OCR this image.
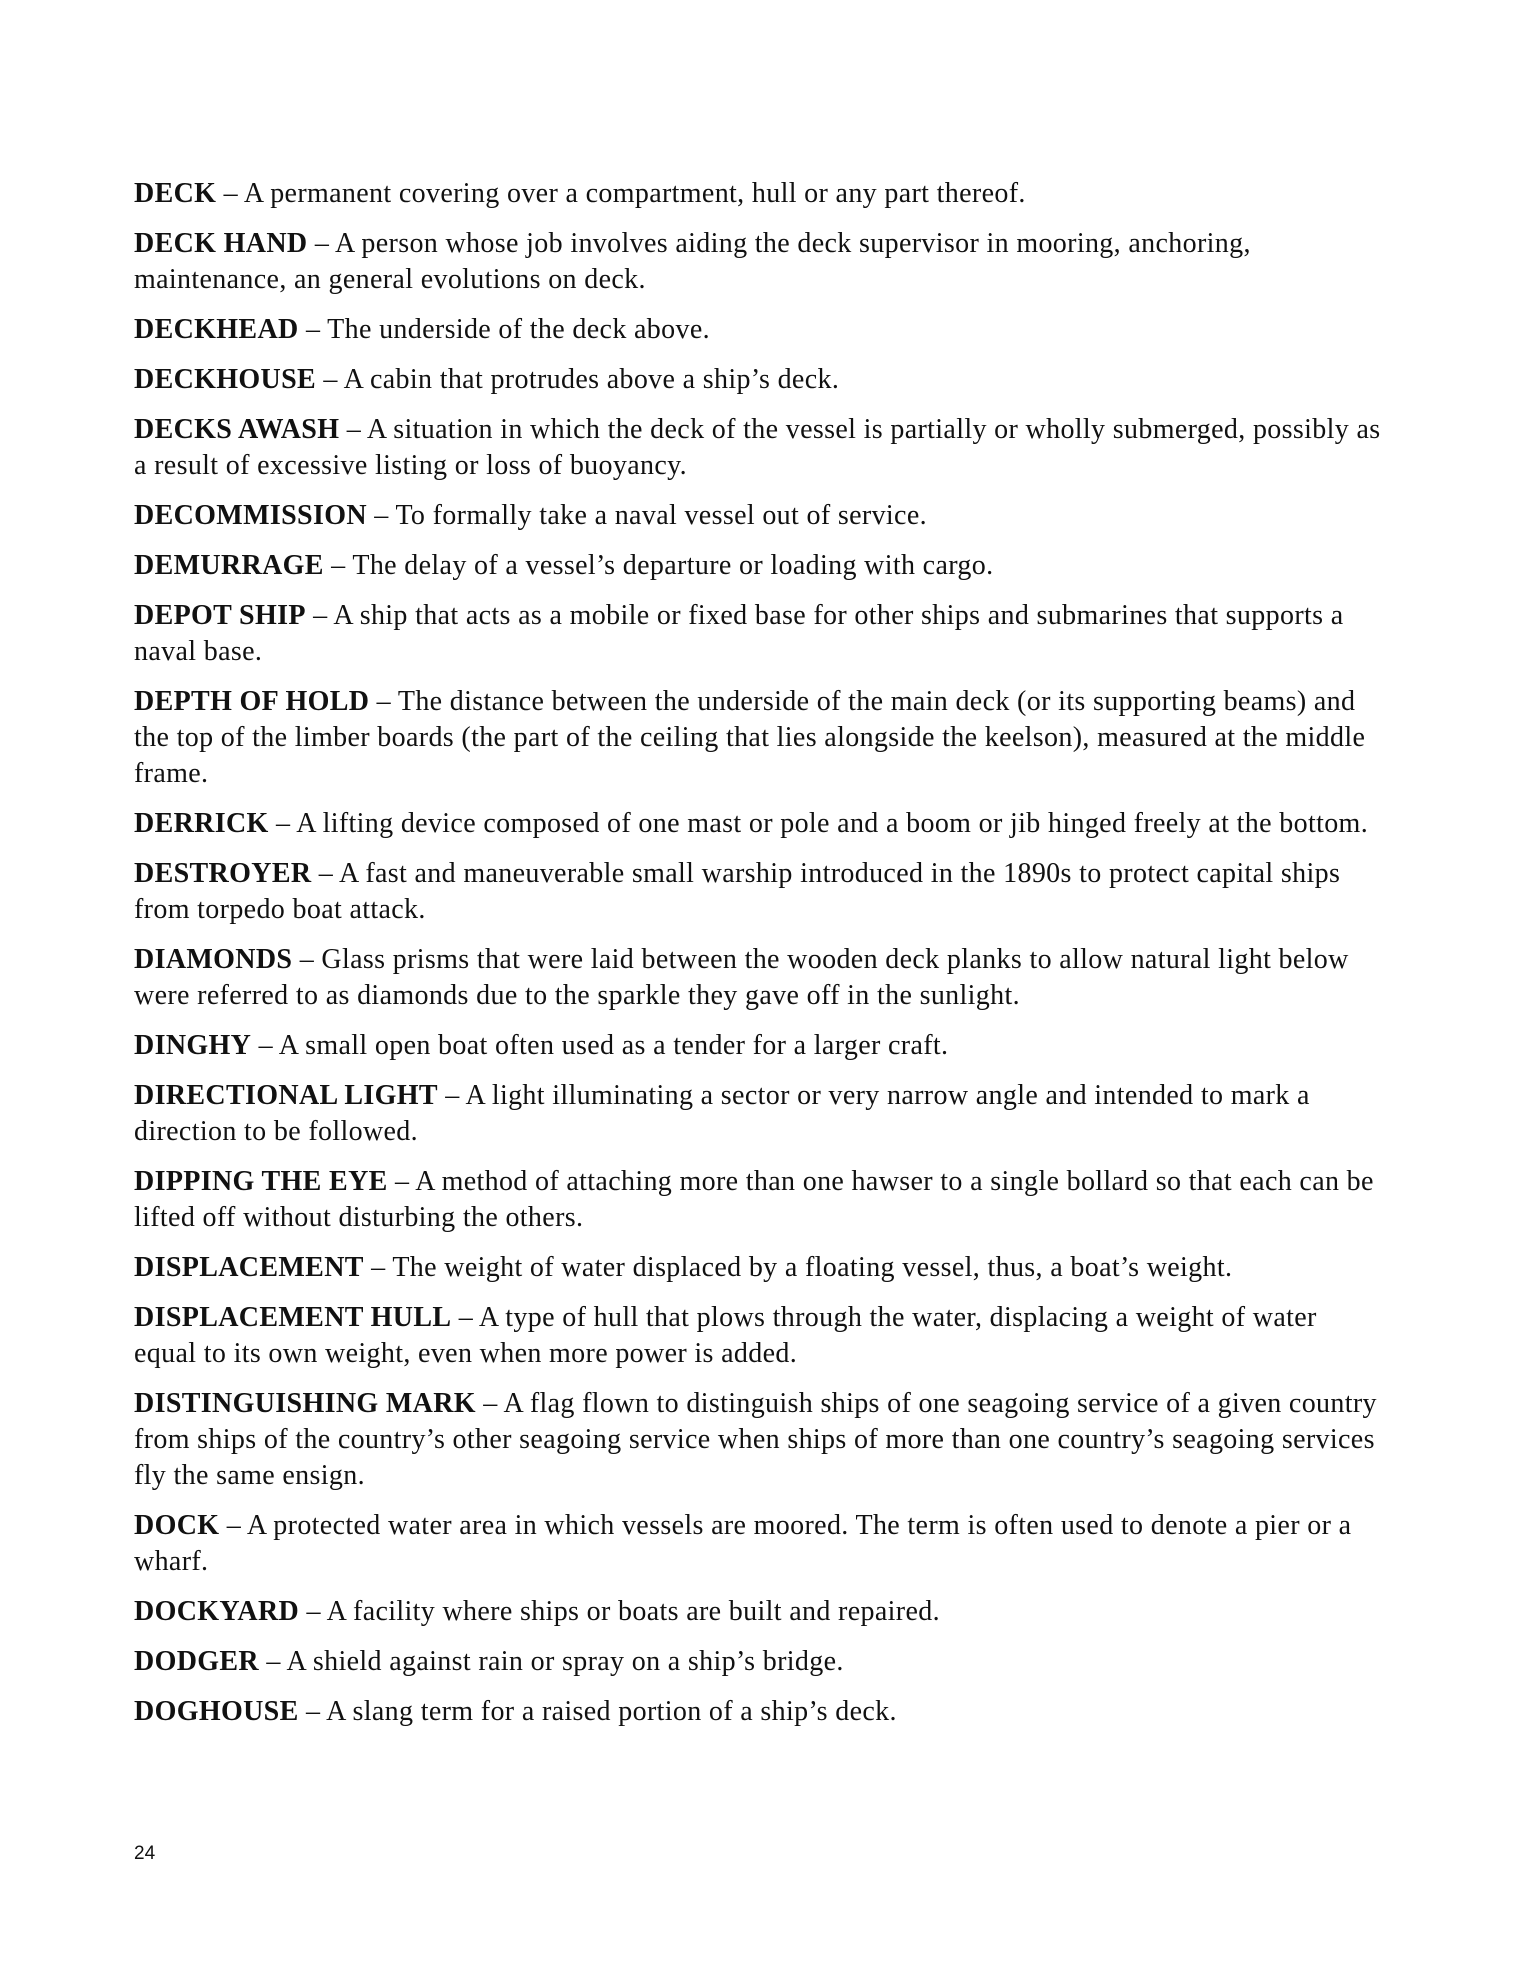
DECK – A permanent covering over a compartment, hull or any part thereof.

DECK HAND – A person whose job involves aiding the deck supervisor in mooring, anchoring, maintenance, an general evolutions on deck.

DECKHEAD – The underside of the deck above.

DECKHOUSE – A cabin that protrudes above a ship’s deck.

DECKS AWASH – A situation in which the deck of the vessel is partially or wholly submerged, possibly as a result of excessive listing or loss of buoyancy.

DECOMMISSION – To formally take a naval vessel out of service.

DEMURRAGE – The delay of a vessel’s departure or loading with cargo.

DEPOT SHIP – A ship that acts as a mobile or fixed base for other ships and submarines that supports a naval base.

DEPTH OF HOLD – The distance between the underside of the main deck (or its supporting beams) and the top of the limber boards (the part of the ceiling that lies alongside the keelson), measured at the middle frame.

DERRICK – A lifting device composed of one mast or pole and a boom or jib hinged freely at the bottom.

DESTROYER – A fast and maneuverable small warship introduced in the 1890s to protect capital ships from torpedo boat attack.

DIAMONDS – Glass prisms that were laid between the wooden deck planks to allow natural light below were referred to as diamonds due to the sparkle they gave off in the sunlight.

DINGHY – A small open boat often used as a tender for a larger craft.

DIRECTIONAL LIGHT – A light illuminating a sector or very narrow angle and intended to mark a direction to be followed.

DIPPING THE EYE – A method of attaching more than one hawser to a single bollard so that each can be lifted off without disturbing the others.

DISPLACEMENT – The weight of water displaced by a floating vessel, thus, a boat’s weight.

DISPLACEMENT HULL – A type of hull that plows through the water, displacing a weight of water equal to its own weight, even when more power is added.

DISTINGUISHING MARK – A flag flown to distinguish ships of one seagoing service of a given country from ships of the country’s other seagoing service when ships of more than one country’s seagoing services fly the same ensign.

DOCK – A protected water area in which vessels are moored. The term is often used to denote a pier or a wharf.

DOCKYARD – A facility where ships or boats are built and repaired.

DODGER – A shield against rain or spray on a ship’s bridge.

DOGHOUSE – A slang term for a raised portion of a ship’s deck.

24
